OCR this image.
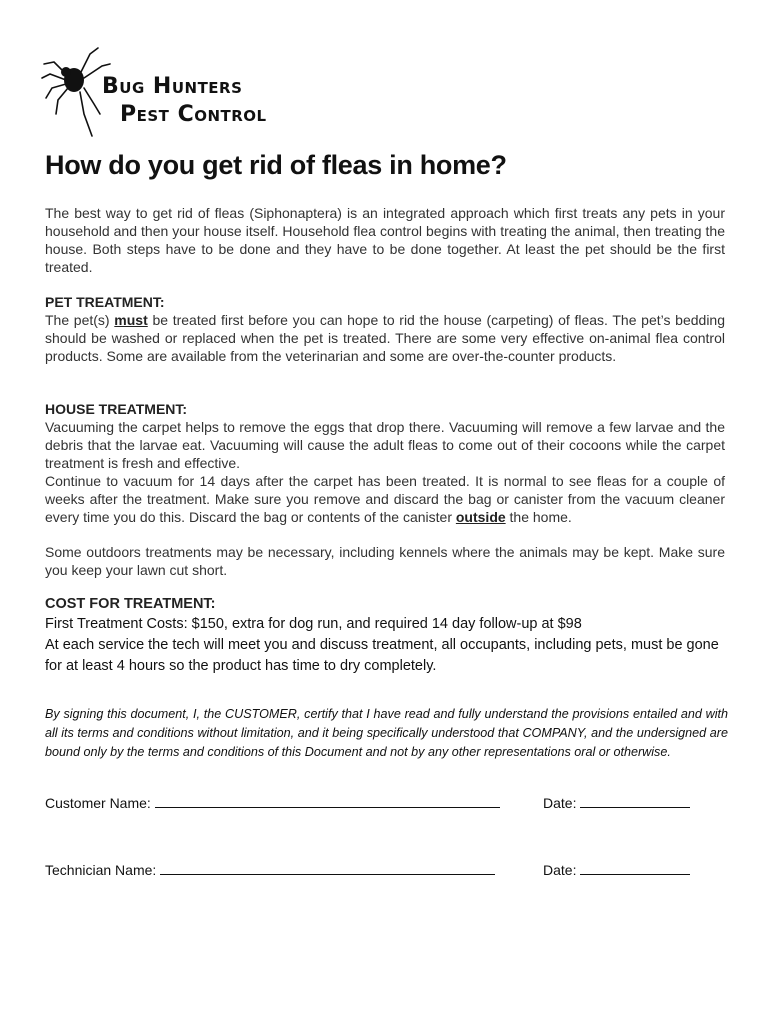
Bug Hunters
Pest Control
How do you get rid of fleas in home?

The best way to get rid of fleas (Siphonaptera) is an integrated approach which first treats any pets in your household and then your house itself. Household flea control begins with treating the animal, then treating the house. Both steps have to be done and they have to be done together. At least the pet should be the first treated.

PET TREATMENT:
The pet(s) must be treated first before you can hope to rid the house (carpeting) of fleas. The pet’s bedding should be washed or replaced when the pet is treated. There are some very effective on-animal flea control products. Some are available from the veterinarian and some are over-the-counter products.

HOUSE TREATMENT:
Vacuuming the carpet helps to remove the eggs that drop there. Vacuuming will remove a few larvae and the debris that the larvae eat. Vacuuming will cause the adult fleas to come out of their cocoons while the carpet treatment is fresh and effective.
Continue to vacuum for 14 days after the carpet has been treated. It is normal to see fleas for a couple of weeks after the treatment. Make sure you remove and discard the bag or canister from the vacuum cleaner every time you do this. Discard the bag or contents of the canister outside the home.

Some outdoors treatments may be necessary, including kennels where the animals may be kept. Make sure you keep your lawn cut short.

COST FOR TREATMENT:
First Treatment Costs: $150, extra for dog run, and required 14 day follow-up at $98
At each service the tech will meet you and discuss treatment, all occupants, including pets, must be gone for at least 4 hours so the product has time to dry completely.

By signing this document, I, the CUSTOMER, certify that I have read and fully understand the provisions entailed and with all its terms and conditions without limitation, and it being specifically understood that COMPANY, and the undersigned are bound only by the terms and conditions of this Document and not by any other representations oral or otherwise.

Customer Name:	Date:
Technician Name:	Date:
